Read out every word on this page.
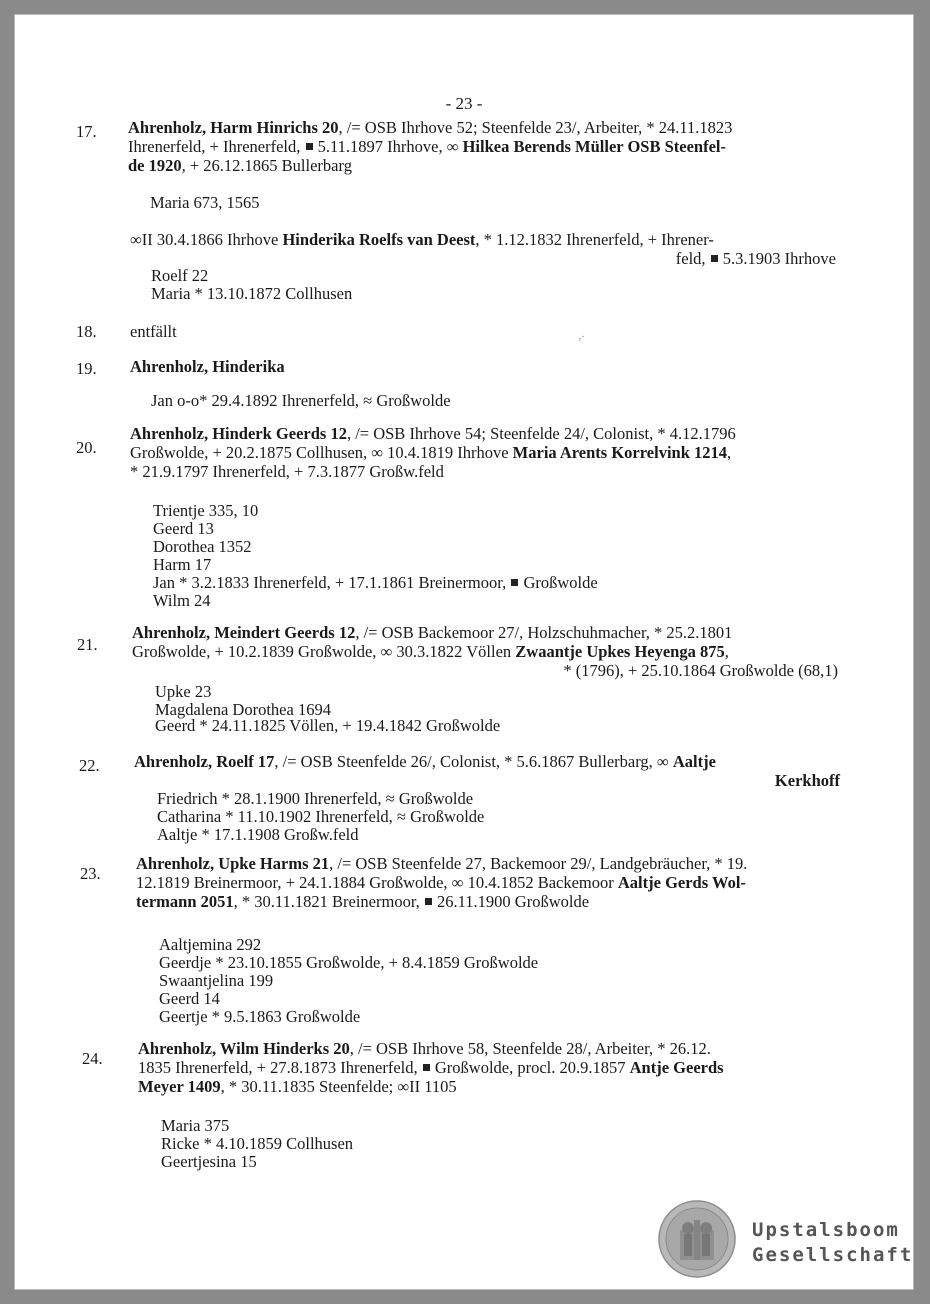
- 23 -
ᵣ·
17.	Ahrenholz, Harm Hinrichs 20, /= OSB Ihrhove 52; Steenfelde 23/, Arbeiter, * 24.11.1823
Ihrenerfeld, + Ihrenerfeld,  5.11.1897 Ihrhove, ∞ Hilkea Berends Müller OSB Steenfel-
de 1920, + 26.12.1865 Bullerbarg
Maria 673, 1565
∞II 30.4.1866 Ihrhove Hinderika Roelfs van Deest, * 1.12.1832 Ihrenerfeld, + Ihrener-
feld,  5.3.1903 Ihrhove
Roelf 22
Maria * 13.10.1872 Collhusen
18.	entfällt
19.	Ahrenholz, Hinderika
Jan o-o* 29.4.1892 Ihrenerfeld, ≈ Großwolde
20.
Ahrenholz, Hinderk Geerds 12, /= OSB Ihrhove 54; Steenfelde 24/, Colonist, * 4.12.1796
Großwolde, + 20.2.1875 Collhusen, ∞ 10.4.1819 Ihrhove Maria Arents Korrelvink 1214,
* 21.9.1797 Ihrenerfeld, + 7.3.1877 Großw.feld
Trientje 335, 10
Geerd 13
Dorothea 1352
Harm 17
Jan * 3.2.1833 Ihrenerfeld, + 17.1.1861 Breinermoor,  Großwolde
Wilm 24
21.
Ahrenholz, Meindert Geerds 12, /= OSB Backemoor 27/, Holzschuhmacher, * 25.2.1801
Großwolde, + 10.2.1839 Großwolde, ∞ 30.3.1822 Völlen Zwaantje Upkes Heyenga 875,
* (1796), + 25.10.1864 Großwolde (68,1)
Upke 23
Magdalena Dorothea 1694
Geerd * 24.11.1825 Völlen, + 19.4.1842 Großwolde
22.	Ahrenholz, Roelf 17, /= OSB Steenfelde 26/, Colonist, * 5.6.1867 Bullerbarg, ∞ Aaltje
Kerkhoff
Friedrich * 28.1.1900 Ihrenerfeld, ≈ Großwolde
Catharina * 11.10.1902 Ihrenerfeld, ≈ Großwolde
Aaltje * 17.1.1908 Großw.feld
23.
Ahrenholz, Upke Harms 21, /= OSB Steenfelde 27, Backemoor 29/, Landgebräucher, * 19.
12.1819 Breinermoor, + 24.1.1884 Großwolde, ∞ 10.4.1852 Backemoor Aaltje Gerds Wol-
termann 2051, * 30.11.1821 Breinermoor,  26.11.1900 Großwolde
Aaltjemina 292
Geerdje * 23.10.1855 Großwolde, + 8.4.1859 Großwolde
Swaantjelina 199
Geerd 14
Geertje * 9.5.1863 Großwolde
24.
Ahrenholz, Wilm Hinderks 20, /= OSB Ihrhove 58, Steenfelde 28/, Arbeiter, * 26.12.
1835 Ihrenerfeld, + 27.8.1873 Ihrenerfeld,  Großwolde, procl. 20.9.1857 Antje Geerds
Meyer 1409, * 30.11.1835 Steenfelde; ∞II 1105
Maria 375
Ricke * 4.10.1859 Collhusen
Geertjesina 15
Upstalsboom
Gesellschaft
